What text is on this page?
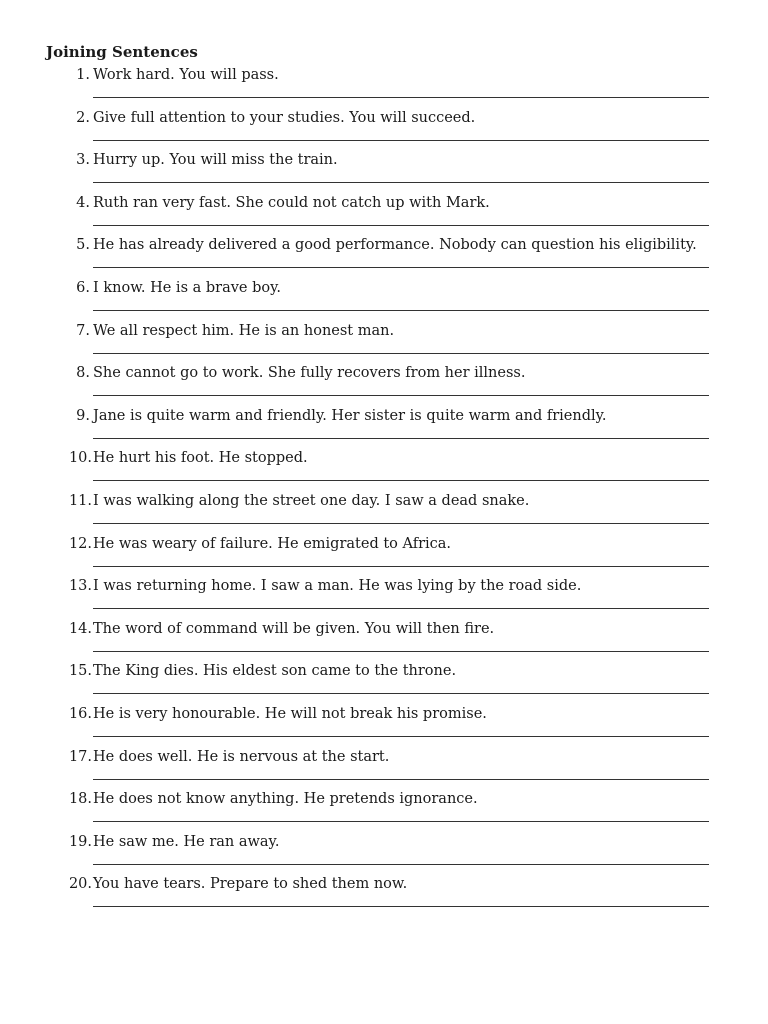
Joining Sentences
1. Work hard. You will pass.
2. Give full attention to your studies. You will succeed.
3. Hurry up. You will miss the train.
4. Ruth ran very fast. She could not catch up with Mark.
5. He has already delivered a good performance. Nobody can question his eligibility.
6. I know. He is a brave boy.
7. We all respect him. He is an honest man.
8. She cannot go to work. She fully recovers from her illness.
9. Jane is quite warm and friendly. Her sister is quite warm and friendly.
10. He hurt his foot. He stopped.
11. I was walking along the street one day. I saw a dead snake.
12. He was weary of failure. He emigrated to Africa.
13. I was returning home. I saw a man. He was lying by the road side.
14. The word of command will be given. You will then fire.
15. The King dies. His eldest son came to the throne.
16. He is very honourable. He will not break his promise.
17. He does well. He is nervous at the start.
18. He does not know anything. He pretends ignorance.
19. He saw me. He ran away.
20. You have tears. Prepare to shed them now.
